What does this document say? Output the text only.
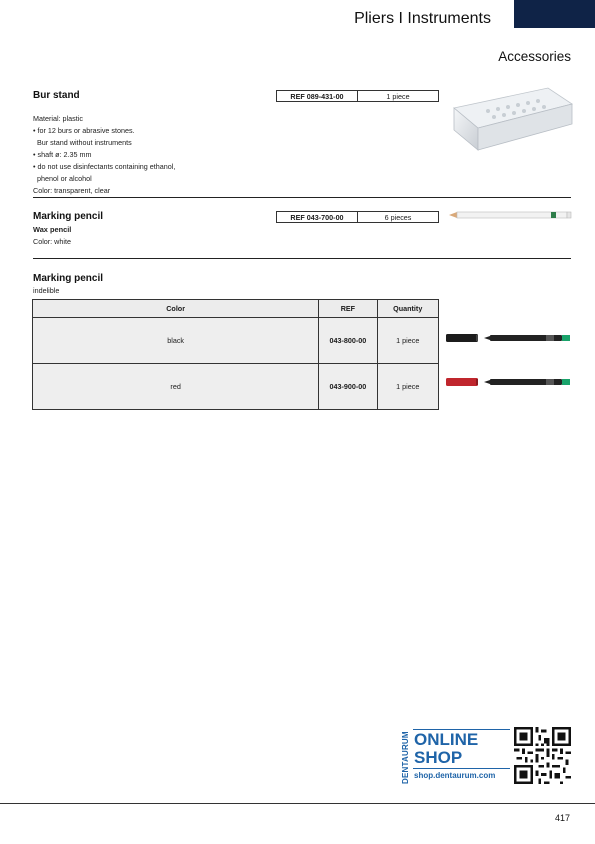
Pliers I Instruments
Accessories
Bur stand

Material: plastic
• for 12 burs or abrasive stones.
Bur stand without instruments
• shaft ø: 2.35 mm
• do not use disinfectants containing ethanol,
phenol or alcohol
Color: transparent, clear

REF 089-431-00	1 piece
Marking pencil
Wax pencil
Color: white
REF 043-700-00	6 pieces
Marking pencil
indelible
Color	REF	Quantity
black	043-800-00	1 piece
red	043-900-00	1 piece
DENTAURUM ONLINE
SHOP
shop.dentaurum.com
417
